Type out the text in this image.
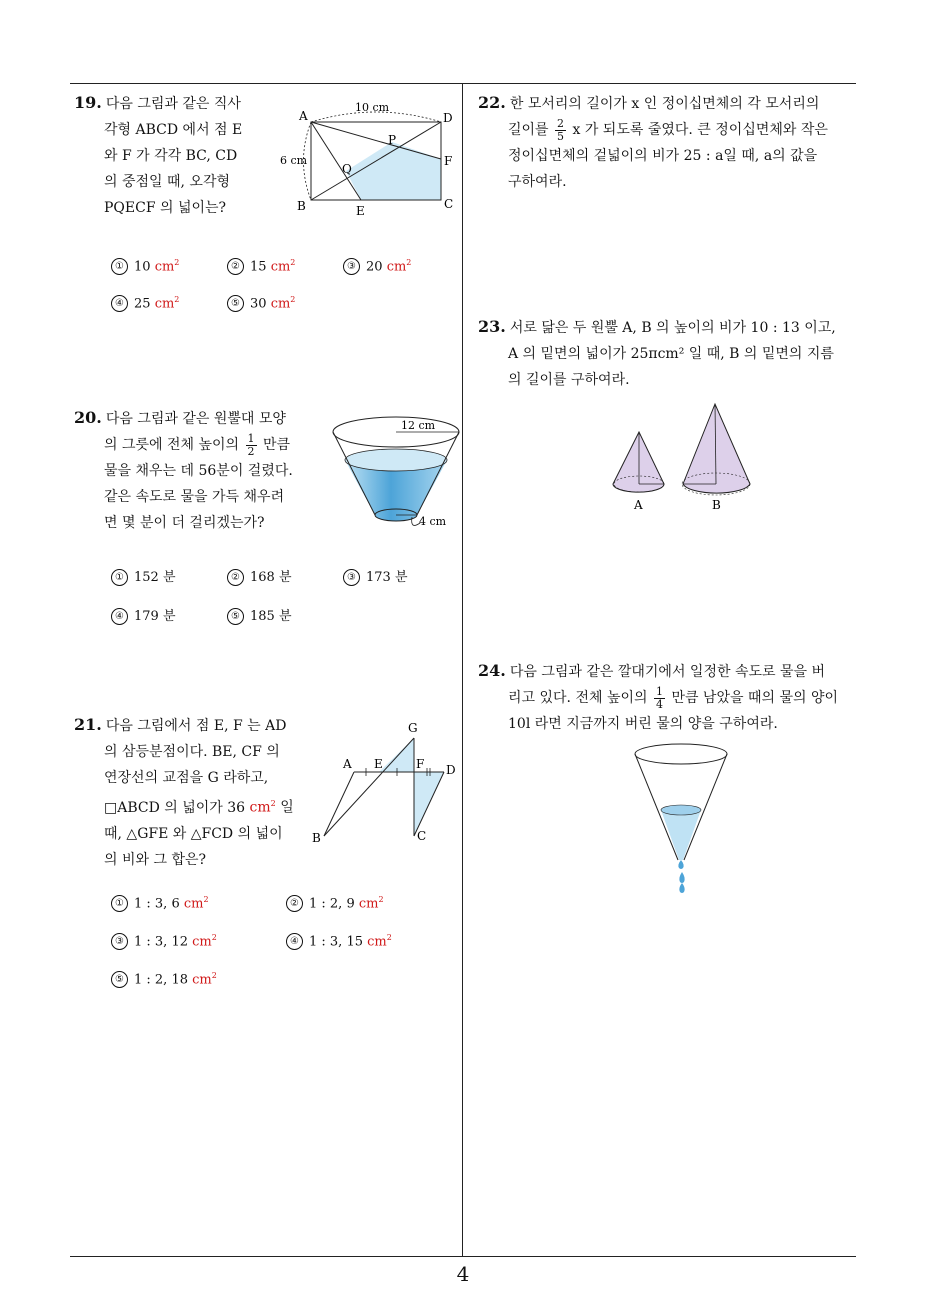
19. 다음 그림과 같은 직사
각형 ABCD 에서 점 E
와 F 가 각각 BC, CD
의 중점일 때, 오각형
PQECF 의 넓이는?
10 cm
6 cm
A	D
B	C
E
F
P
Q
① 10 $cm^2$	② 15 $cm^2$	③ 20 $cm^2$
④ 25 $cm^2$	⑤ 30 $cm^2$
20. 다음 그림과 같은 원뿔대 모양
의 그릇에 전체 높이의 $\frac{1}{2}$ 만큼
물을 채우는 데 56분이 걸렸다.
같은 속도로 물을 가득 채우려
면 몇 분이 더 걸리겠는가?
12 cm
4 cm
① 152 분	② 168 분	③ 173 분
④ 179 분	⑤ 185 분
21. 다음 그림에서 점 E, F 는 AD
의 삼등분점이다. BE, CF 의
연장선의 교점을 G 라하고,
□ABCD 의 넓이가 36 $cm^2$ 일
때, △GFE 와 △FCD 의 넓이
의 비와 그 합은?
G
A E	F D
B	C
① 1 : 3, 6 $cm^2$	② 1 : 2, 9 $cm^2$
③ 1 : 3, 12 $cm^2$	④ 1 : 3, 15 $cm^2$
⑤ 1 : 2, 18 $cm^2$
22. 한 모서리의 길이가 x 인 정이십면체의 각 모서리의
길이를 $\frac{2}{5}$ x 가 되도록 줄였다. 큰 정이십면체와 작은
정이십면체의 겉넓이의 비가 25 : a일 때, a의 값을
구하여라.
23. 서로 닮은 두 원뿔 A, B 의 높이의 비가 10 : 13 이고,
A 의 밑면의 넓이가 25πcm² 일 때, B 의 밑면의 지름
의 길이를 구하여라.
A	B
24. 다음 그림과 같은 깔대기에서 일정한 속도로 물을 버
리고 있다. 전체 높이의 $\frac{1}{4}$ 만큼 남았을 때의 물의 양이
10l 라면 지금까지 버린 물의 양을 구하여라.
4
